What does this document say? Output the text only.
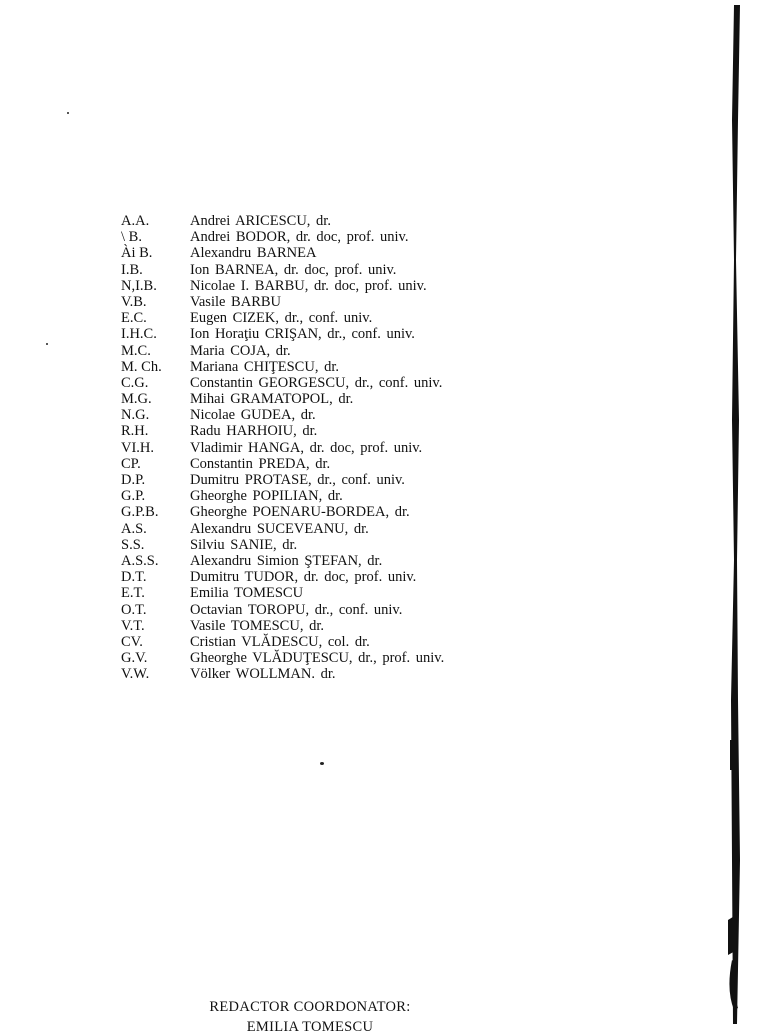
A.A.	Andrei ARICESCU, dr.
\ B.	Andrei BODOR, dr. doc, prof. univ.
Ài B.	Alexandru BARNEA
I.B.	Ion BARNEA, dr. doc, prof. univ.
N,I.B. Nicolae I. BARBU, dr. doc, prof. univ.
V.B.	Vasile BARBU
E.C.	Eugen CIZEK, dr., conf. univ.
I.H.C. Ion Horaţiu CRIŞAN, dr., conf. univ.
M.C.	Maria COJA, dr.
M. Ch. Mariana CHIŢESCU, dr.
C.G.	Constantin GEORGESCU, dr., conf. univ.
M.G.	Mihai GRAMATOPOL, dr.
N.G.	Nicolae GUDEA, dr.
R.H.	Radu HARHOIU, dr.
VI.H. Vladimir HANGA, dr. doc, prof. univ.
CP.	Constantin PREDA, dr.
D.P.	Dumitru PROTASE, dr., conf. univ.
G.P.	Gheorghe POPILIAN, dr.
G.P.B. Gheorghe POENARU-BORDEA, dr.
A.S.	Alexandru SUCEVEANU, dr.
S.S.	Silviu SANIE, dr.
A.S.S. Alexandru Simion ŞTEFAN, dr.
D.T.	Dumitru TUDOR, dr. doc, prof. univ.
E.T.	Emilia TOMESCU
O.T.	Octavian TOROPU, dr., conf. univ.
V.T.	Vasile TOMESCU, dr.
CV.	Cristian VLĂDESCU, col. dr.
G.V.	Gheorghe VLĂDUŢESCU, dr., prof. univ.
V.W.	Völker WOLLMAN. dr.
REDACTOR COORDONATOR:
EMILIA TOMESCU
